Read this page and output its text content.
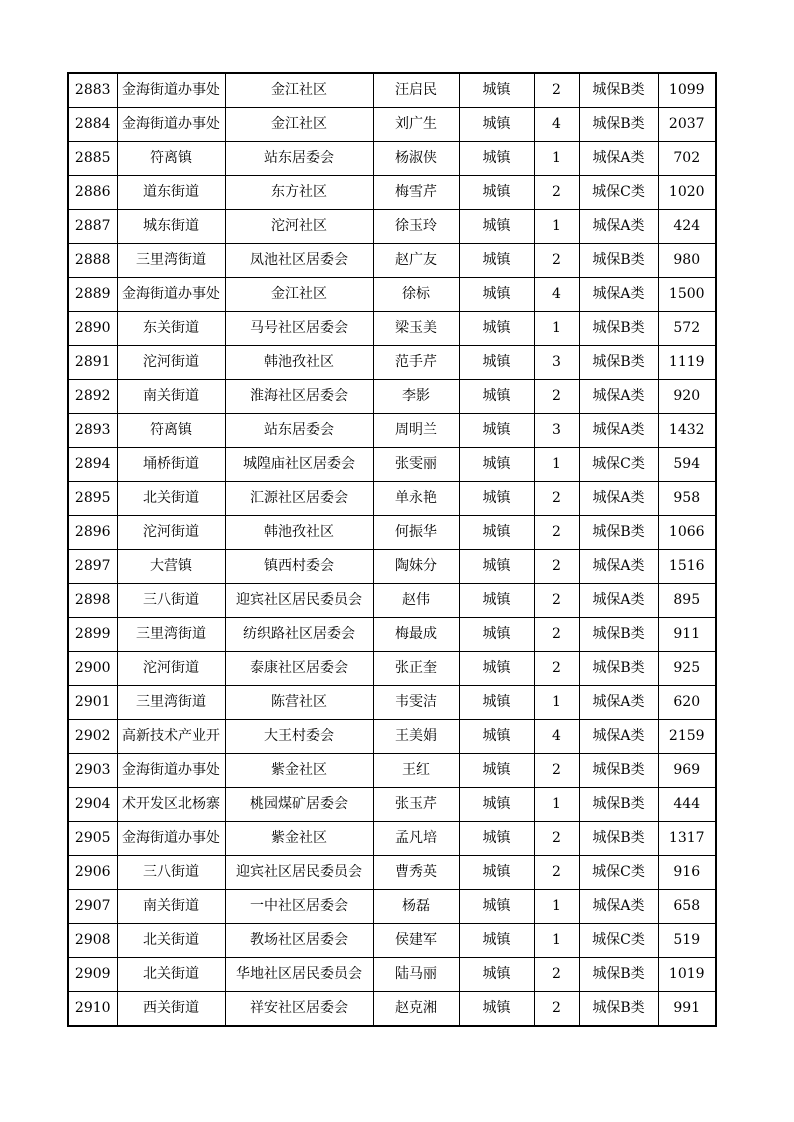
2883	金海街道办事处	金江社区	汪启民	城镇	2	城保B类	1099
2884	金海街道办事处	金江社区	刘广生	城镇	4	城保B类	2037
2885	符离镇	站东居委会	杨淑侠	城镇	1	城保A类	702
2886	道东街道	东方社区	梅雪芹	城镇	2	城保C类	1020
2887	城东街道	沱河社区	徐玉玲	城镇	1	城保A类	424
2888	三里湾街道	凤池社区居委会	赵广友	城镇	2	城保B类	980
2889	金海街道办事处	金江社区	徐标	城镇	4	城保A类	1500
2890	东关街道	马号社区居委会	梁玉美	城镇	1	城保B类	572
2891	沱河街道	韩池孜社区	范手芹	城镇	3	城保B类	1119
2892	南关街道	淮海社区居委会	李影	城镇	2	城保A类	920
2893	符离镇	站东居委会	周明兰	城镇	3	城保A类	1432
2894	埇桥街道	城隍庙社区居委会	张雯丽	城镇	1	城保C类	594
2895	北关街道	汇源社区居委会	单永艳	城镇	2	城保A类	958
2896	沱河街道	韩池孜社区	何振华	城镇	2	城保B类	1066
2897	大营镇	镇西村委会	陶妹分	城镇	2	城保A类	1516
2898	三八街道	迎宾社区居民委员会	赵伟	城镇	2	城保A类	895
2899	三里湾街道	纺织路社区居委会	梅最成	城镇	2	城保B类	911
2900	沱河街道	泰康社区居委会	张正奎	城镇	2	城保B类	925
2901	三里湾街道	陈营社区	韦雯洁	城镇	1	城保A类	620
2902	高新技术产业开	大王村委会	王美娟	城镇	4	城保A类	2159
2903	金海街道办事处	紫金社区	王红	城镇	2	城保B类	969
2904	术开发区北杨寨	桃园煤矿居委会	张玉芹	城镇	1	城保B类	444
2905	金海街道办事处	紫金社区	孟凡培	城镇	2	城保B类	1317
2906	三八街道	迎宾社区居民委员会	曹秀英	城镇	2	城保C类	916
2907	南关街道	一中社区居委会	杨磊	城镇	1	城保A类	658
2908	北关街道	教场社区居委会	侯建军	城镇	1	城保C类	519
2909	北关街道	华地社区居民委员会	陆马丽	城镇	2	城保B类	1019
2910	西关街道	祥安社区居委会	赵克湘	城镇	2	城保B类	991
